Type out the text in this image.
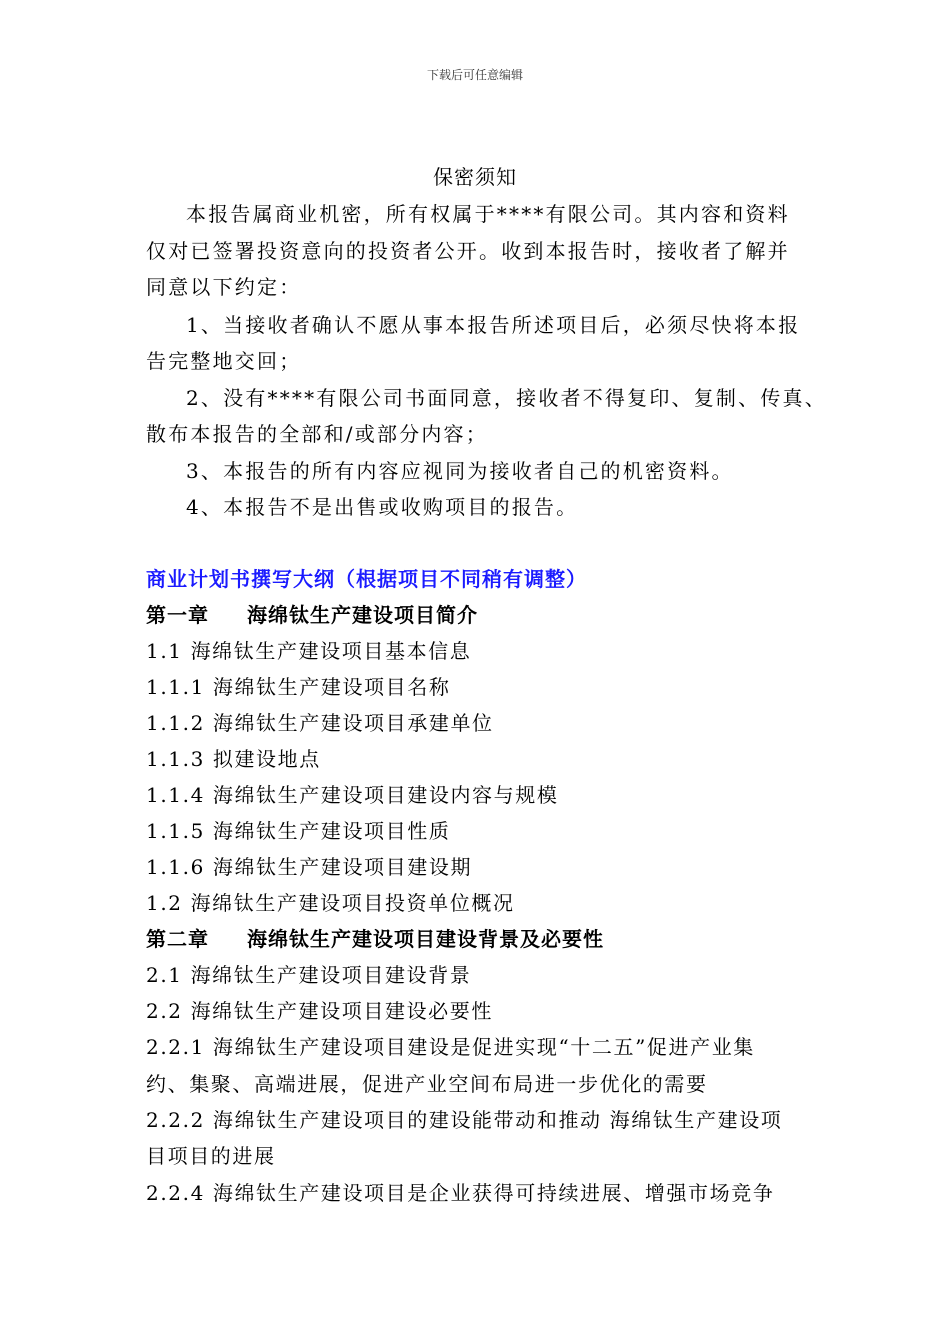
下载后可任意编辑
保密须知
本报告属商业机密，所有权属于****有限公司。其内容和资料
仅对已签署投资意向的投资者公开。收到本报告时，接收者了解并
同意以下约定：
1、当接收者确认不愿从事本报告所述项目后，必须尽快将本报
告完整地交回；
2、没有****有限公司书面同意，接收者不得复印、复制、传真、
散布本报告的全部和/或部分内容；
3、本报告的所有内容应视同为接收者自己的机密资料。
4、本报告不是出售或收购项目的报告。
商业计划书撰写大纲（根据项目不同稍有调整）
第一章 海绵钛生产建设项目简介
1.1 海绵钛生产建设项目基本信息
1.1.1 海绵钛生产建设项目名称
1.1.2 海绵钛生产建设项目承建单位
1.1.3 拟建设地点
1.1.4 海绵钛生产建设项目建设内容与规模
1.1.5 海绵钛生产建设项目性质
1.1.6 海绵钛生产建设项目建设期
1.2 海绵钛生产建设项目投资单位概况
第二章 海绵钛生产建设项目建设背景及必要性
2.1 海绵钛生产建设项目建设背景
2.2 海绵钛生产建设项目建设必要性
2.2.1 海绵钛生产建设项目建设是促进实现“十二五”促进产业集
约、集聚、高端进展，促进产业空间布局进一步优化的需要
2.2.2 海绵钛生产建设项目的建设能带动和推动 海绵钛生产建设项
目项目的进展
2.2.4 海绵钛生产建设项目是企业获得可持续进展、增强市场竞争
